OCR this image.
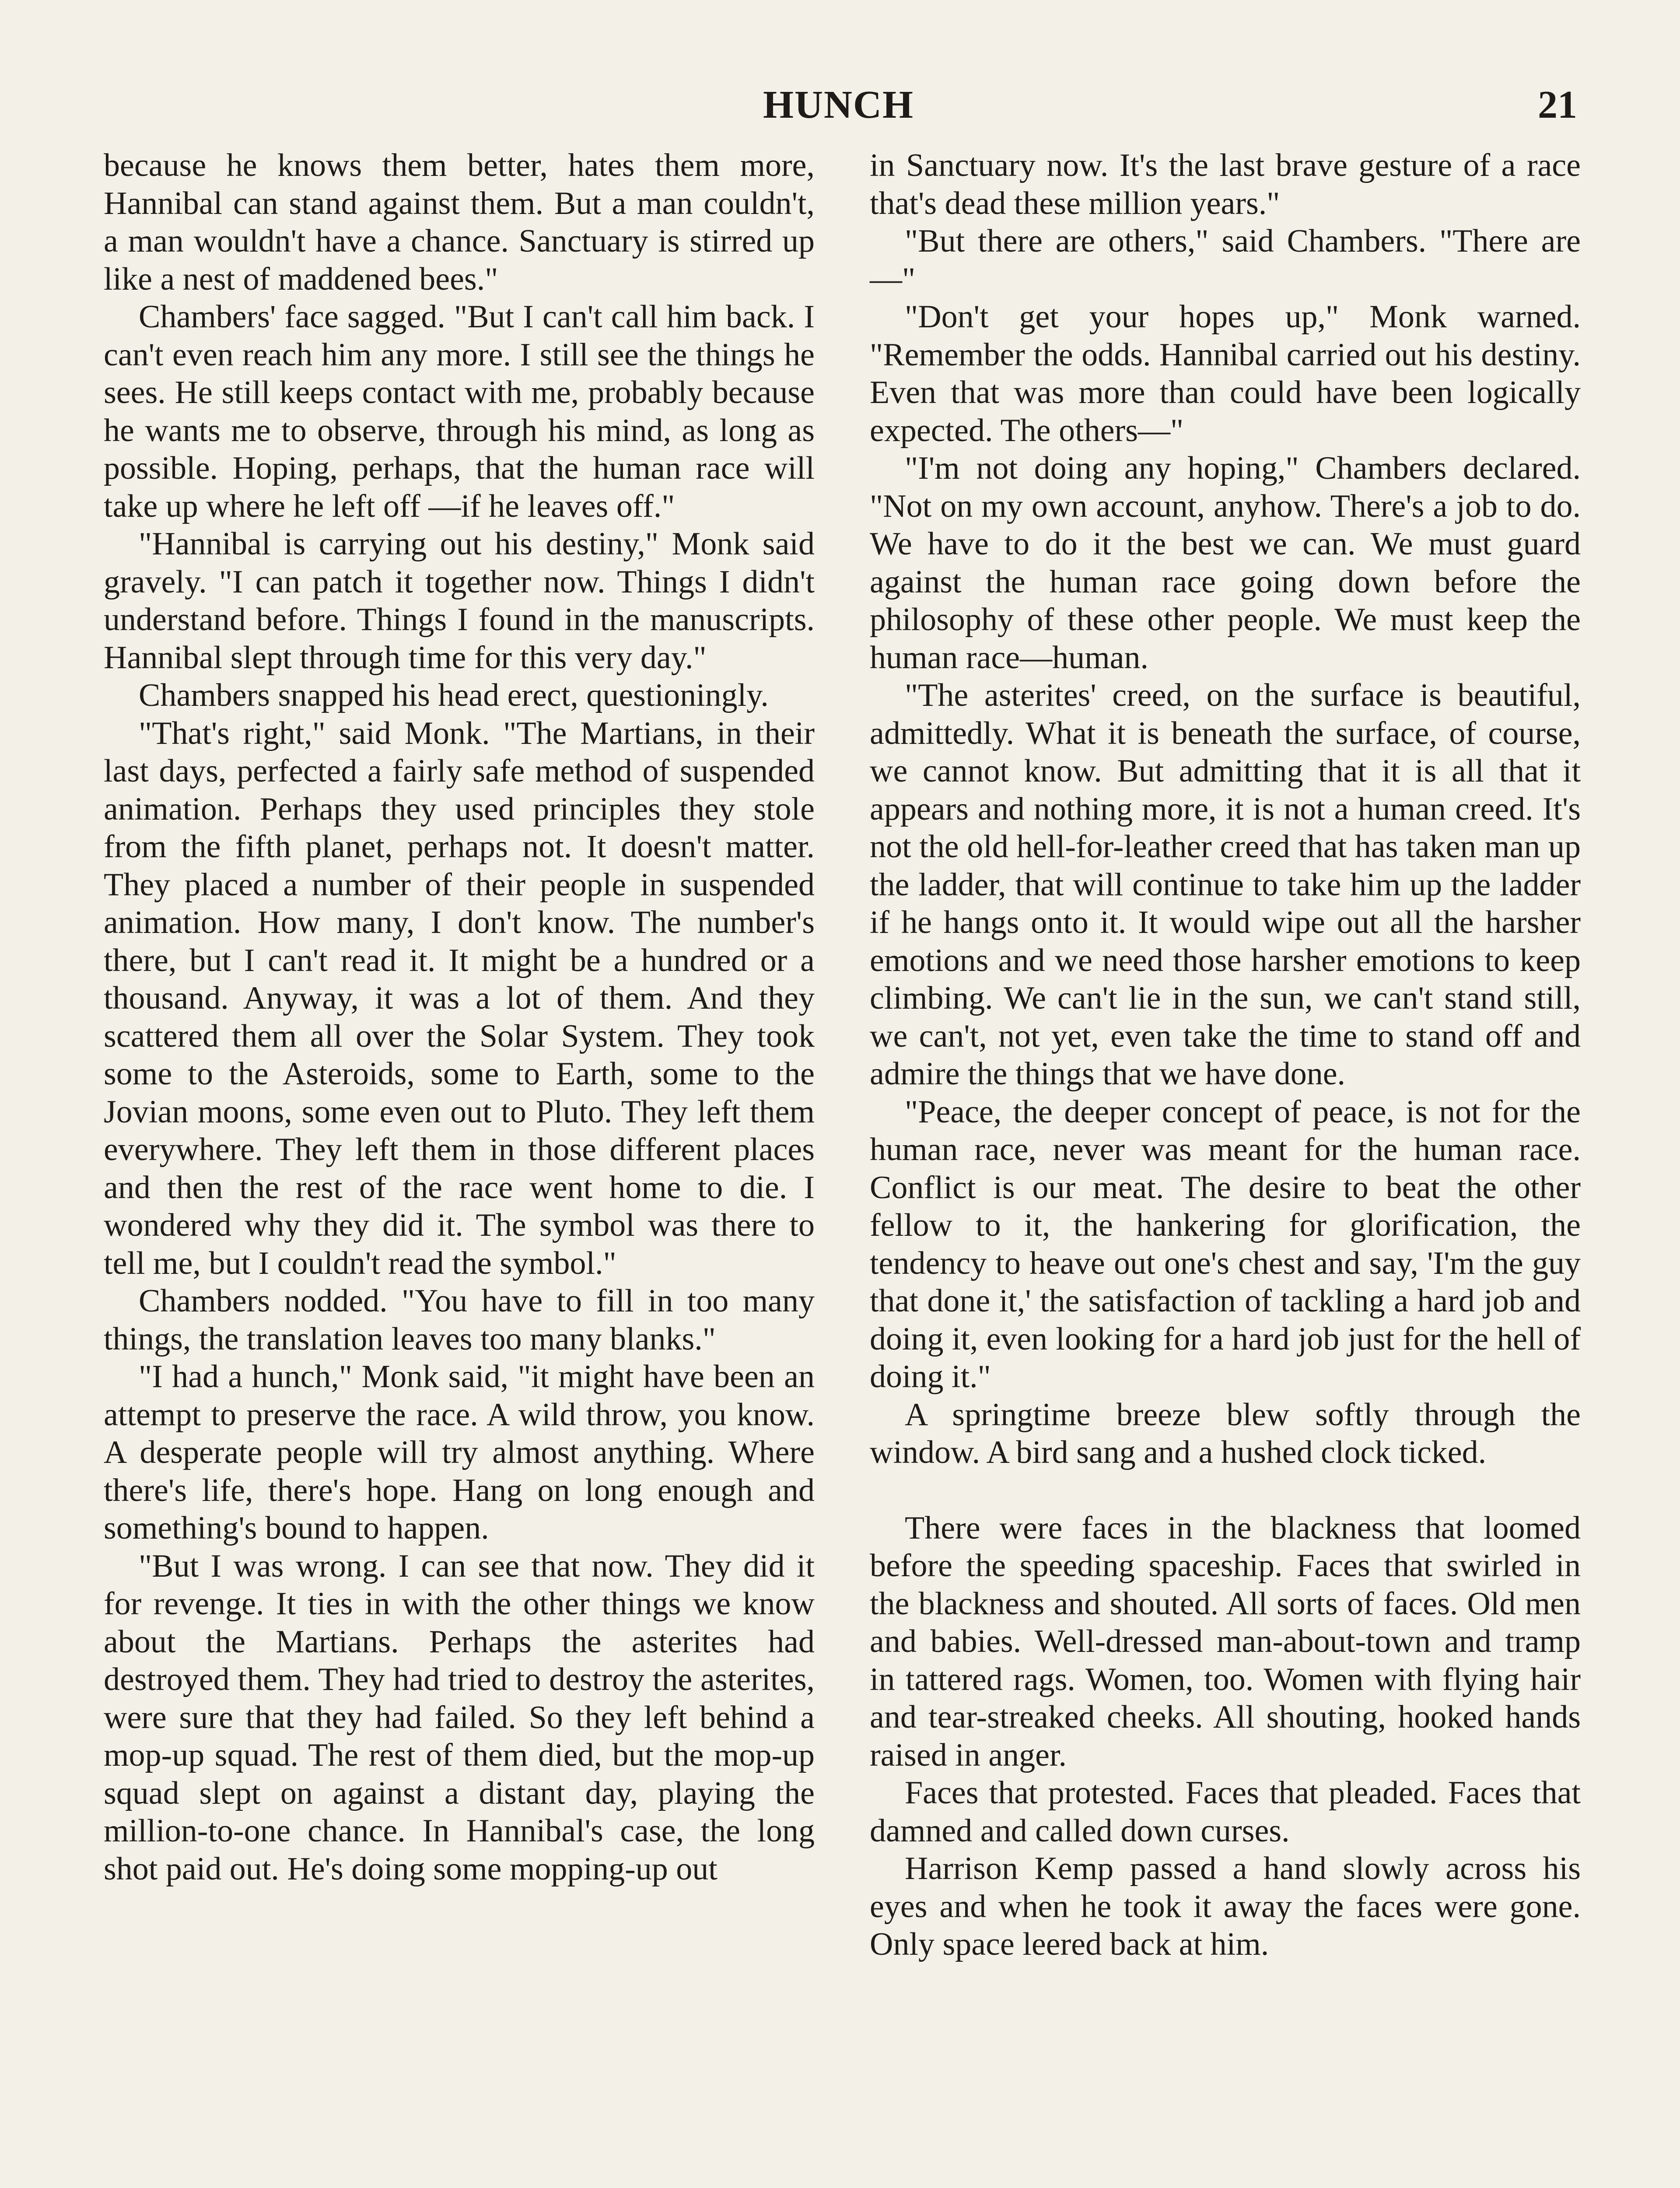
HUNCH	21

because he knows them better, hates them more, Hannibal can stand against them. But a man couldn't, a man wouldn't have a chance. Sanctuary is stirred up like a nest of maddened bees."

Chambers' face sagged. "But I can't call him back. I can't even reach him any more. I still see the things he sees. He still keeps contact with me, probably because he wants me to observe, through his mind, as long as possible. Hoping, perhaps, that the human race will take up where he left off —if he leaves off."

"Hannibal is carrying out his destiny," Monk said gravely. "I can patch it together now. Things I didn't understand before. Things I found in the manuscripts. Hannibal slept through time for this very day."

Chambers snapped his head erect, questioningly.

"That's right," said Monk. "The Martians, in their last days, perfected a fairly safe method of suspended animation. Perhaps they used principles they stole from the fifth planet, perhaps not. It doesn't matter. They placed a number of their people in suspended animation. How many, I don't know. The number's there, but I can't read it. It might be a hundred or a thousand. Anyway, it was a lot of them. And they scattered them all over the Solar System. They took some to the Asteroids, some to Earth, some to the Jovian moons, some even out to Pluto. They left them everywhere. They left them in those different places and then the rest of the race went home to die. I wondered why they did it. The symbol was there to tell me, but I couldn't read the symbol."

Chambers nodded. "You have to fill in too many things, the translation leaves too many blanks."

"I had a hunch," Monk said, "it might have been an attempt to preserve the race. A wild throw, you know. A desperate people will try almost anything. Where there's life, there's hope. Hang on long enough and something's bound to happen.

"But I was wrong. I can see that now. They did it for revenge. It ties in with the other things we know about the Martians. Perhaps the asterites had destroyed them. They had tried to destroy the asterites, were sure that they had failed. So they left behind a mop-up squad. The rest of them died, but the mop-up squad slept on against a distant day, playing the million-to-one chance. In Hannibal's case, the long shot paid out. He's doing some mopping-up out

in Sanctuary now. It's the last brave gesture of a race that's dead these million years."

"But there are others," said Chambers. "There are—"

"Don't get your hopes up," Monk warned. "Remember the odds. Hannibal carried out his destiny. Even that was more than could have been logically expected. The others—"

"I'm not doing any hoping," Chambers declared. "Not on my own account, anyhow. There's a job to do. We have to do it the best we can. We must guard against the human race going down before the philosophy of these other people. We must keep the human race—human.

"The asterites' creed, on the surface is beautiful, admittedly. What it is beneath the surface, of course, we cannot know. But admitting that it is all that it appears and nothing more, it is not a human creed. It's not the old hell-for-leather creed that has taken man up the ladder, that will continue to take him up the ladder if he hangs onto it. It would wipe out all the harsher emotions and we need those harsher emotions to keep climbing. We can't lie in the sun, we can't stand still, we can't, not yet, even take the time to stand off and admire the things that we have done.

"Peace, the deeper concept of peace, is not for the human race, never was meant for the human race. Conflict is our meat. The desire to beat the other fellow to it, the hankering for glorification, the tendency to heave out one's chest and say, 'I'm the guy that done it,' the satisfaction of tackling a hard job and doing it, even looking for a hard job just for the hell of doing it."

A springtime breeze blew softly through the window. A bird sang and a hushed clock ticked.

There were faces in the blackness that loomed before the speeding spaceship. Faces that swirled in the blackness and shouted. All sorts of faces. Old men and babies. Well-dressed man-about-town and tramp in tattered rags. Women, too. Women with flying hair and tear-streaked cheeks. All shouting, hooked hands raised in anger.

Faces that protested. Faces that pleaded. Faces that damned and called down curses.

Harrison Kemp passed a hand slowly across his eyes and when he took it away the faces were gone. Only space leered back at him.
